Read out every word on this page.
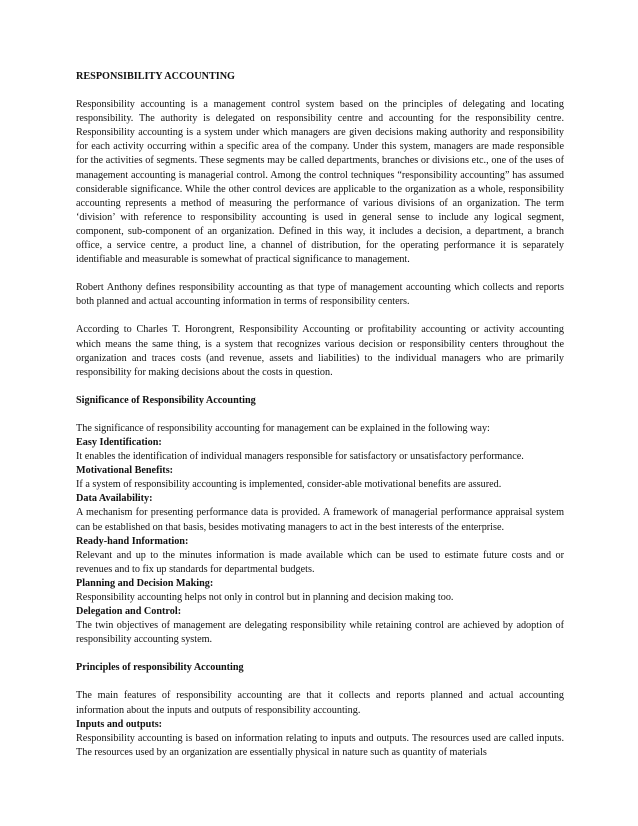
RESPONSIBILITY ACCOUNTING

Responsibility accounting is a management control system based on the principles of delegating and locating responsibility. The authority is delegated on responsibility centre and accounting for the responsibility centre. Responsibility accounting is a system under which managers are given decisions making authority and responsibility for each activity occurring within a specific area of the company. Under this system, managers are made responsible for the activities of segments. These segments may be called departments, branches or divisions etc., one of the uses of management accounting is managerial control. Among the control techniques “responsibility accounting” has assumed considerable significance. While the other control devices are applicable to the organization as a whole, responsibility accounting represents a method of measuring the performance of various divisions of an organization. The term ‘division’ with reference to responsibility accounting is used in general sense to include any logical segment, component, sub-component of an organization. Defined in this way, it includes a decision, a department, a branch office, a service centre, a product line, a channel of distribution, for the operating performance it is separately identifiable and measurable is somewhat of practical significance to management.

Robert Anthony defines responsibility accounting as that type of management accounting which collects and reports both planned and actual accounting information in terms of responsibility centers.

According to Charles T. Horongrent, Responsibility Accounting or profitability accounting or activity accounting which means the same thing, is a system that recognizes various decision or responsibility centers throughout the organization and traces costs (and revenue, assets and liabilities) to the individual managers who are primarily responsibility for making decisions about the costs in question.

Significance of Responsibility Accounting

The significance of responsibility accounting for management can be explained in the following way:

Easy Identification:

It enables the identification of individual managers responsible for satisfactory or unsatisfactory performance.

Motivational Benefits:

If a system of responsibility accounting is implemented, consider-able motivational benefits are assured.

Data Availability:

A mechanism for presenting performance data is provided. A framework of managerial performance appraisal system can be established on that basis, besides motivating managers to act in the best interests of the enterprise.

Ready-hand Information:

Relevant and up to the minutes information is made available which can be used to estimate future costs and or revenues and to fix up standards for departmental budgets.

Planning and Decision Making:

Responsibility accounting helps not only in control but in planning and decision making too.

Delegation and Control:

The twin objectives of management are delegating responsibility while retaining control are achieved by adoption of responsibility accounting system.

Principles of responsibility Accounting

The main features of responsibility accounting are that it collects and reports planned and actual accounting information about the inputs and outputs of responsibility accounting.

Inputs and outputs:

Responsibility accounting is based on information relating to inputs and outputs. The resources used are called inputs. The resources used by an organization are essentially physical in nature such as quantity of materials
